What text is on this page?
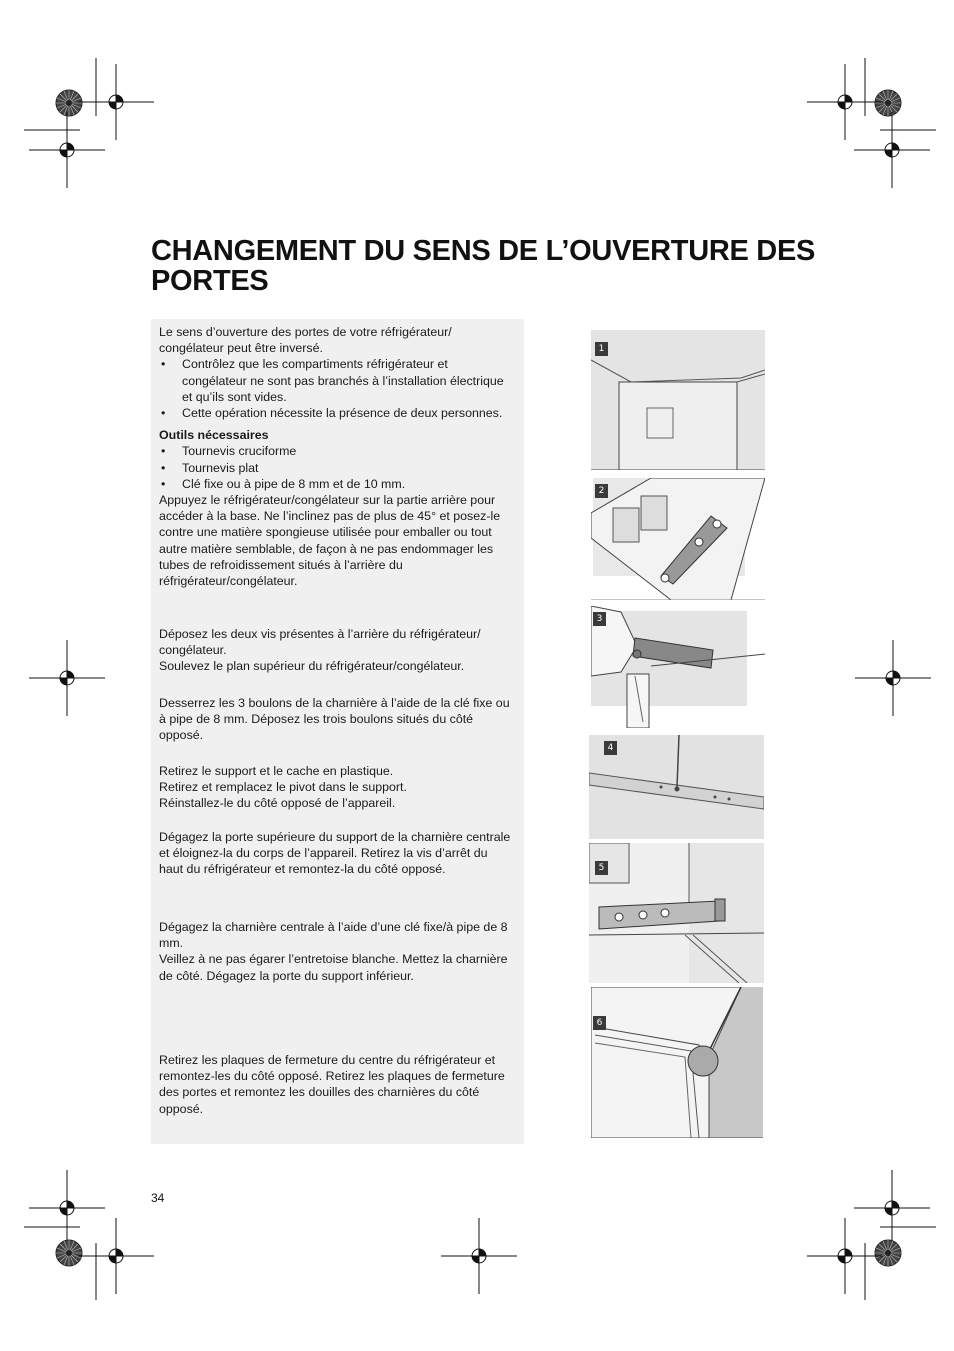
CHANGEMENT DU SENS DE L’OUVERTURE DES PORTES

Le sens d’ouverture des portes de votre réfrigérateur/ congélateur peut être inversé.

• Contrôlez que les compartiments réfrigérateur et congélateur ne sont pas branchés à l’installation électrique et qu’ils sont vides.
• Cette opération nécessite la présence de deux personnes.

Outils nécessaires

• Tournevis cruciforme
• Tournevis plat
• Clé fixe ou à pipe de 8 mm et de 10 mm.

Appuyez le réfrigérateur/congélateur sur la partie arrière pour accéder à la base. Ne l’inclinez pas de plus de 45° et posez-le contre une matière spongieuse utilisée pour emballer ou tout autre matière semblable, de façon à ne pas endommager les tubes de refroidissement situés à l’arrière du réfrigérateur/congélateur.

Déposez les deux vis présentes à l’arrière du réfrigérateur/ congélateur.

Soulevez le plan supérieur du réfrigérateur/congélateur.

Desserrez les 3 boulons de la charnière à l’aide de la clé fixe ou à pipe de 8 mm. Déposez les trois boulons situés du côté opposé.

Retirez le support et le cache en plastique.

Retirez et remplacez le pivot dans le support.

Réinstallez-le du côté opposé de l’appareil.

Dégagez la porte supérieure du support de la charnière centrale et éloignez-la du corps de l’appareil. Retirez la vis d’arrêt du haut du réfrigérateur et remontez-la du côté opposé.

Dégagez la charnière centrale à l’aide d’une clé fixe/à pipe de 8 mm.

Veillez à ne pas égarer l’entretoise blanche. Mettez la charnière de côté. Dégagez la porte du support inférieur.

Retirez les plaques de fermeture du centre du réfrigérateur et remontez-les du côté opposé. Retirez les plaques de fermeture des portes et remontez les douilles des charnières du côté opposé.

1
2
3
4
5
6
34
